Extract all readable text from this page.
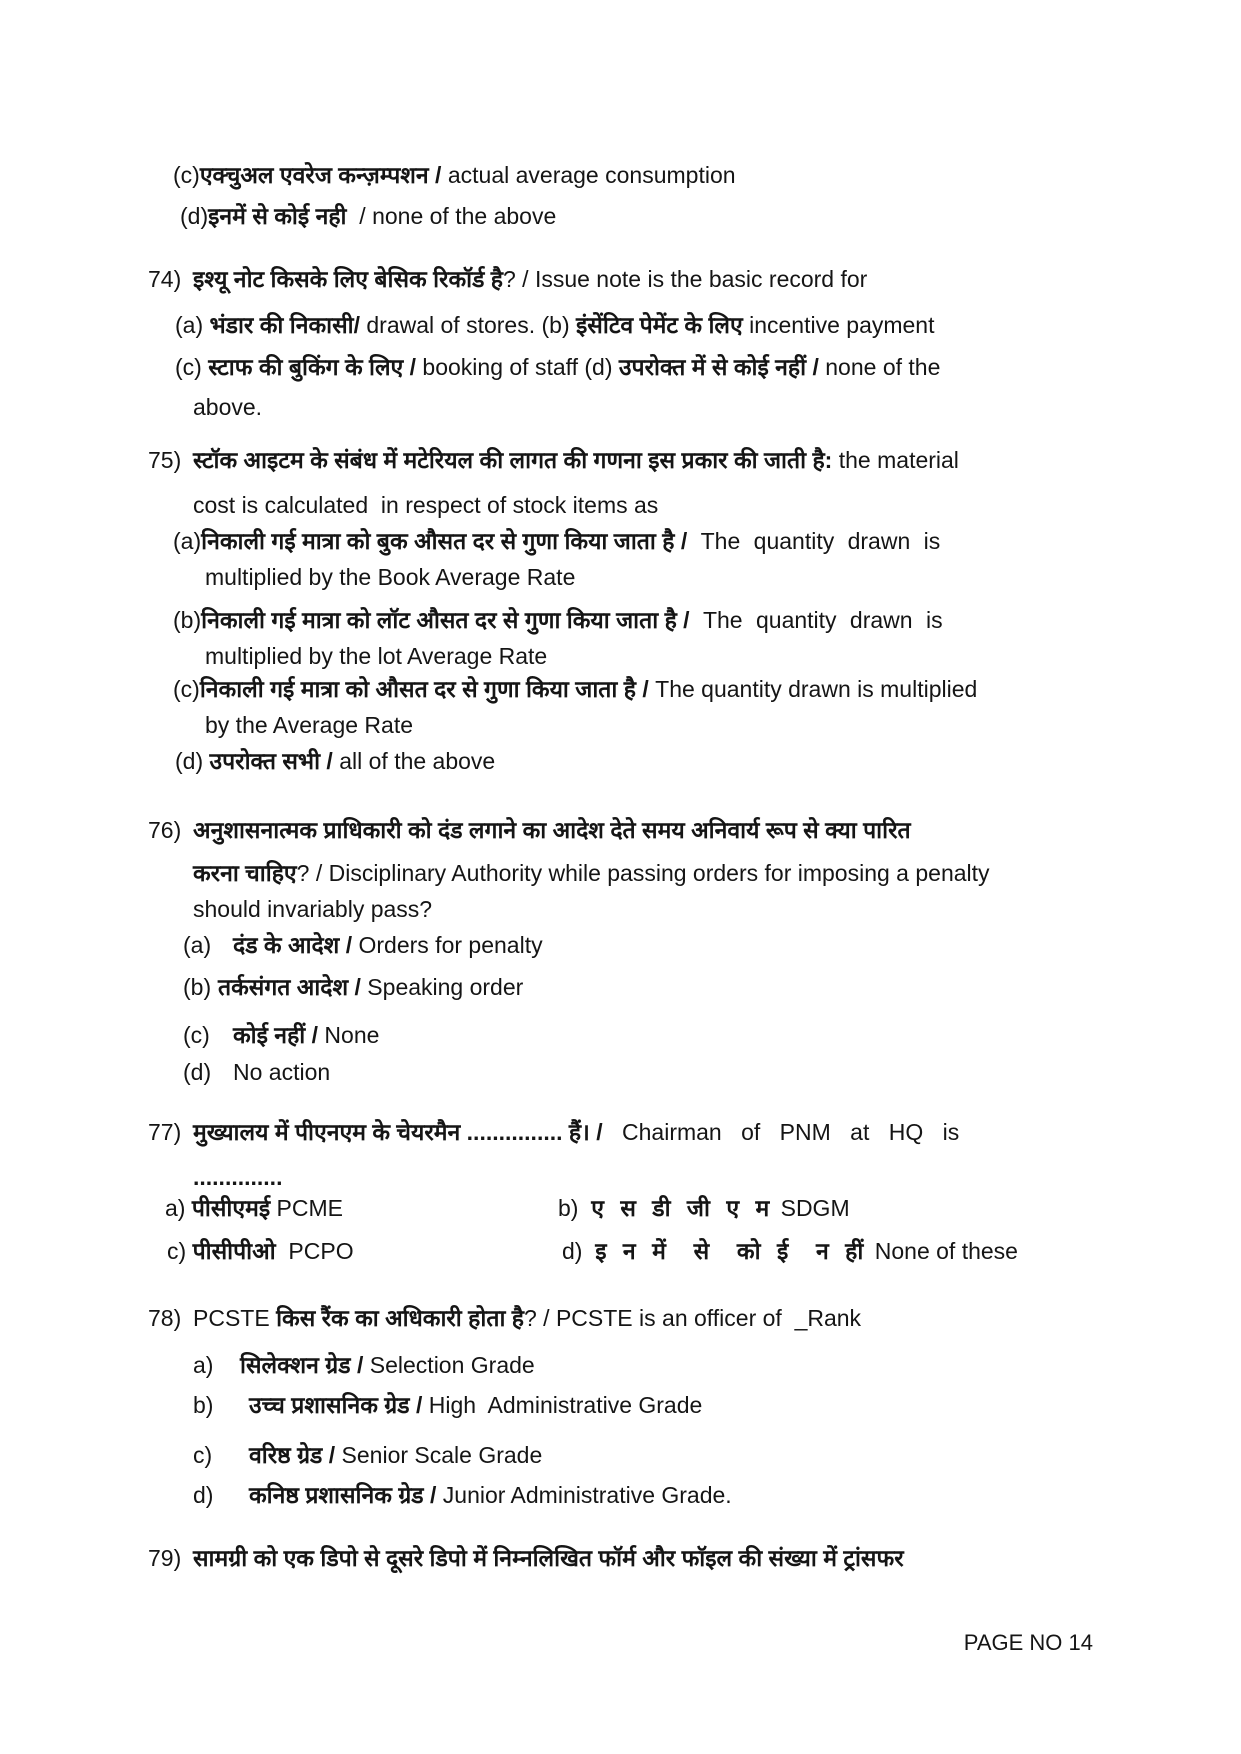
(c)एक्चुअल एवरेज कन्ज़म्पशन / actual average consumption
(d)इनमें से कोई नही  / none of the above
74) इश्यू नोट किसके लिए बेसिक रिकॉर्ड है? / Issue note is the basic record for
(a) भंडार की निकासी/ drawal of stores. (b) इंसेंटिव पेमेंट के लिए incentive payment
(c) स्टाफ की बुकिंग के लिए / booking of staff (d) उपरोक्त में से कोई नहीं / none of the
above.
75) स्टॉक आइटम के संबंध में मटेरियल की लागत की गणना इस प्रकार की जाती है: the material
cost is calculated  in respect of stock items as
(a)निकाली गई मात्रा को बुक औसत दर से गुणा किया जाता है / The quantity drawn is
multiplied by the Book Average Rate
(b)निकाली गई मात्रा को लॉट औसत दर से गुणा किया जाता है / The quantity drawn is
multiplied by the lot Average Rate
(c)निकाली गई मात्रा को औसत दर से गुणा किया जाता है / The quantity drawn is multiplied
by the Average Rate
(d) उपरोक्त सभी / all of the above
76) अनुशासनात्मक प्राधिकारी को दंड लगाने का आदेश देते समय अनिवार्य रूप से क्या पारित
करना चाहिए? / Disciplinary Authority while passing orders for imposing a penalty
should invariably pass?
(a) दंड के आदेश / Orders for penalty
(b) तर्कसंगत आदेश / Speaking order
(c) कोई नहीं / None
(d) No action
77) मुख्यालय में पीएनएम के चेयरमैन ............... हैं। / Chairman of PNM at HQ is
..............
a) पीसीएमई PCME	b)  ए स डी जी ए म SDGM
c) पीसीपीओ  PCPO	d)  इ न में  से  को ई  न हीं None of these
78) PCSTE किस रैंक का अधिकारी होता है? / PCSTE is an officer of  _Rank
a) सिलेक्शन ग्रेड / Selection Grade
b) उच्च प्रशासनिक ग्रेड / High  Administrative Grade
c) वरिष्ठ ग्रेड / Senior Scale Grade
d) कनिष्ठ प्रशासनिक ग्रेड / Junior Administrative Grade.
79) सामग्री को एक डिपो से दूसरे डिपो में निम्नलिखित फॉर्म और फाॅइल की संख्या में ट्रांसफर
PAGE NO 14
